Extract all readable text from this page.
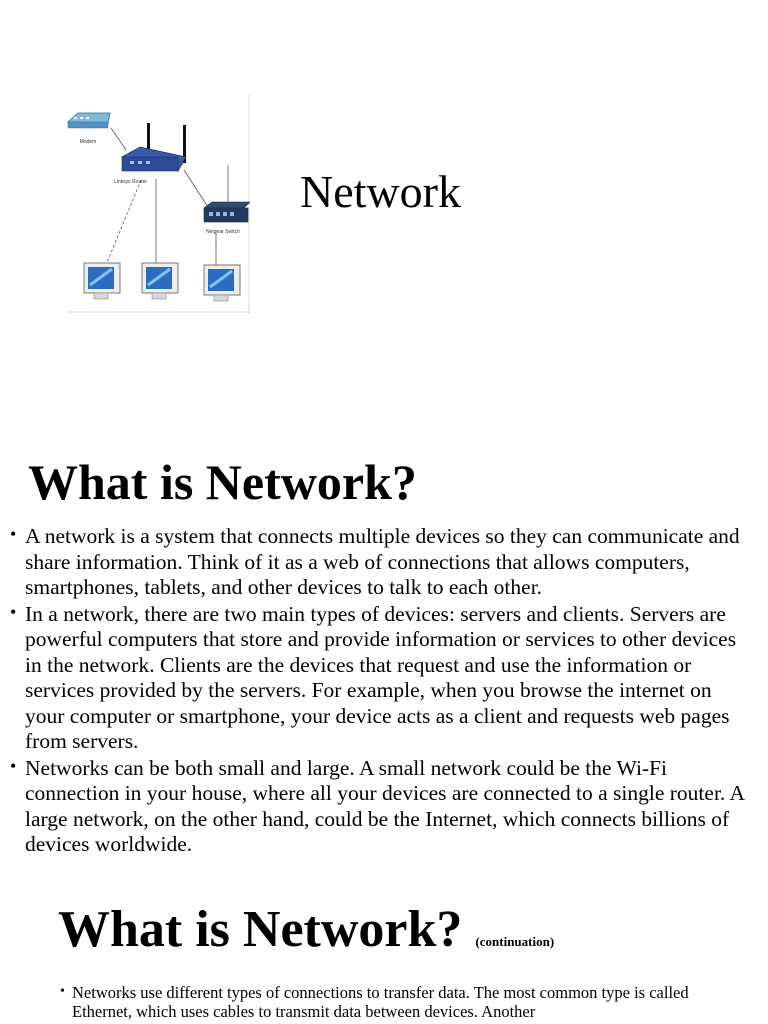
Modem
Linksys Router
Netgear Switch
Network
What is Network?
• A network is a system that connects multiple devices so they can communicate and share information. Think of it as a web of connections that allows computers, smartphones, tablets, and other devices to talk to each other.
• In a network, there are two main types of devices: servers and clients. Servers are powerful computers that store and provide information or services to other devices in the network. Clients are the devices that request and use the information or services provided by the servers. For example, when you browse the internet on your computer or smartphone, your device acts as a client and requests web pages from servers.
• Networks can be both small and large. A small network could be the Wi-Fi connection in your house, where all your devices are connected to a single router. A large network, on the other hand, could be the Internet, which connects billions of devices worldwide.
What is Network? (continuation)
• Networks use different types of connections to transfer data. The most common type is called Ethernet, which uses cables to transmit data between devices. Another
